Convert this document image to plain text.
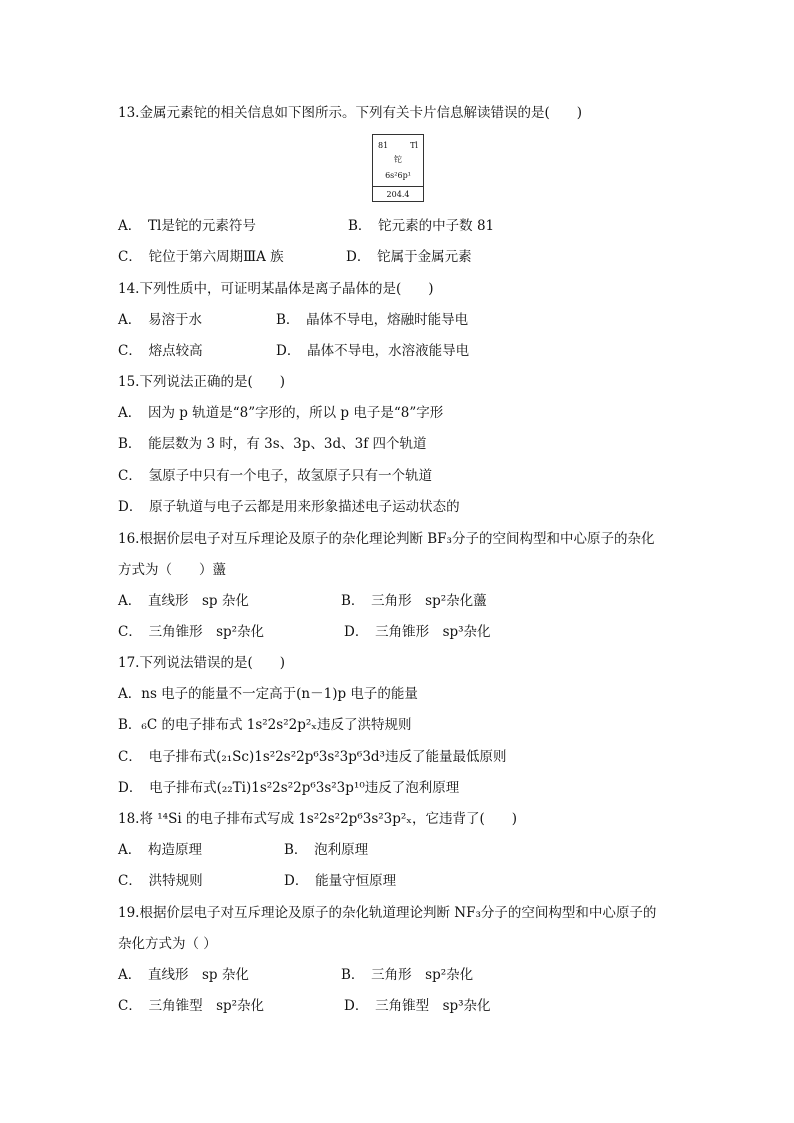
13.金属元素铊的相关信息如下图所示。下列有关卡片信息解读错误的是(　　)
81	Tl
铊
6s²6p¹
204.4
A．　Tl是铊的元素符号	B．　铊元素的中子数 81
C．　铊位于第六周期ⅢA 族	D．　铊属于金属元素
14.下列性质中，可证明某晶体是离子晶体的是(　　)
A．　易溶于水	B．　晶体不导电，熔融时能导电
C．　熔点较高	D．　晶体不导电，水溶液能导电
15.下列说法正确的是(　　)
A．　因为 p 轨道是“8”字形的，所以 p 电子是“8”字形
B．　能层数为 3 时，有 3s、3p、3d、3f 四个轨道
C．　氢原子中只有一个电子，故氢原子只有一个轨道
D．　原子轨道与电子云都是用来形象描述电子运动状态的
16.根据价层电子对互斥理论及原子的杂化理论判断 BF₃分子的空间构型和中心原子的杂化
方式为（　　）蘯
A．　直线形　sp 杂化	B．　三角形　sp²杂化蘯
C．　三角锥形　sp²杂化	D．　三角锥形　sp³杂化
17.下列说法错误的是(　　)
A．ns 电子的能量不一定高于(n－1)p 电子的能量
B．₆C 的电子排布式 1s²2s²2p²ₓ违反了洪特规则
C．　电子排布式(₂₁Sc)1s²2s²2p⁶3s²3p⁶3d³违反了能量最低原则
D．　电子排布式(₂₂Ti)1s²2s²2p⁶3s²3p¹⁰违反了泡利原理
18.将 ¹⁴Si 的电子排布式写成 1s²2s²2p⁶3s²3p²ₓ，它违背了(　　)
A．　构造原理	B．　泡利原理
C．　洪特规则	D．　能量守恒原理
19.根据价层电子对互斥理论及原子的杂化轨道理论判断 NF₃分子的空间构型和中心原子的
杂化方式为（ ）
A．　直线形　sp 杂化	B．　三角形　sp²杂化
C．　三角锥型　sp²杂化	D．　三角锥型　sp³杂化
